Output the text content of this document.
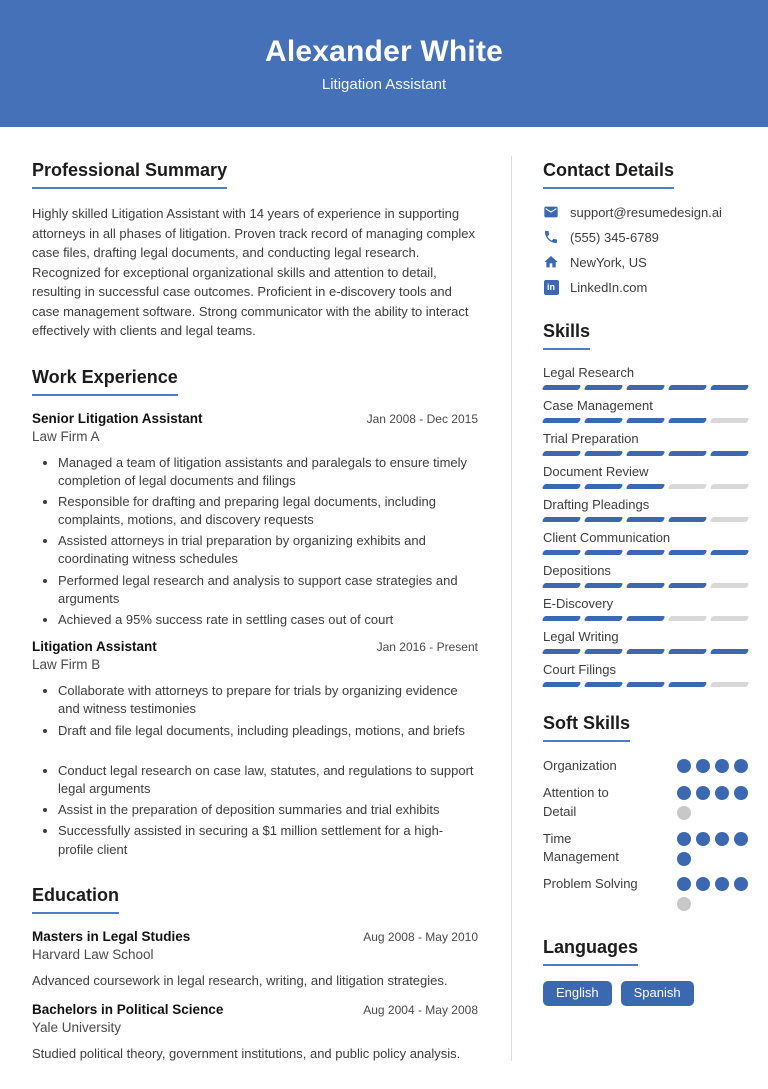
Alexander White
Litigation Assistant
Professional Summary

Highly skilled Litigation Assistant with 14 years of experience in supporting attorneys in all phases of litigation. Proven track record of managing complex case files, drafting legal documents, and conducting legal research. Recognized for exceptional organizational skills and attention to detail, resulting in successful case outcomes. Proficient in e-discovery tools and case management software. Strong communicator with the ability to interact effectively with clients and legal teams.

Work Experience
Senior Litigation Assistant	Jan 2008 - Dec 2015
Law Firm A
• Managed a team of litigation assistants and paralegals to ensure timely completion of legal documents and filings
• Responsible for drafting and preparing legal documents, including complaints, motions, and discovery requests
• Assisted attorneys in trial preparation by organizing exhibits and coordinating witness schedules
• Performed legal research and analysis to support case strategies and arguments
• Achieved a 95% success rate in settling cases out of court
Litigation Assistant	Jan 2016 - Present
Law Firm B
• Collaborate with attorneys to prepare for trials by organizing evidence and witness testimonies
• Draft and file legal documents, including pleadings, motions, and briefs
• Conduct legal research on case law, statutes, and regulations to support legal arguments
• Assist in the preparation of deposition summaries and trial exhibits
• Successfully assisted in securing a $1 million settlement for a high-profile client
Education
Masters in Legal Studies	Aug 2008 - May 2010
Harvard Law School

Advanced coursework in legal research, writing, and litigation strategies.

Bachelors in Political Science	Aug 2004 - May 2008
Yale University

Studied political theory, government institutions, and public policy analysis.

Contact Details
support@resumedesign.ai
(555) 345-6789
NewYork, US
in LinkedIn.com
Skills
Legal Research
Case Management
Trial Preparation
Document Review
Drafting Pleadings
Client Communication
Depositions
E-Discovery
Legal Writing
Court Filings
Soft Skills
Organization
Attention to Detail
Time Management
Problem Solving
Languages
English	Spanish
